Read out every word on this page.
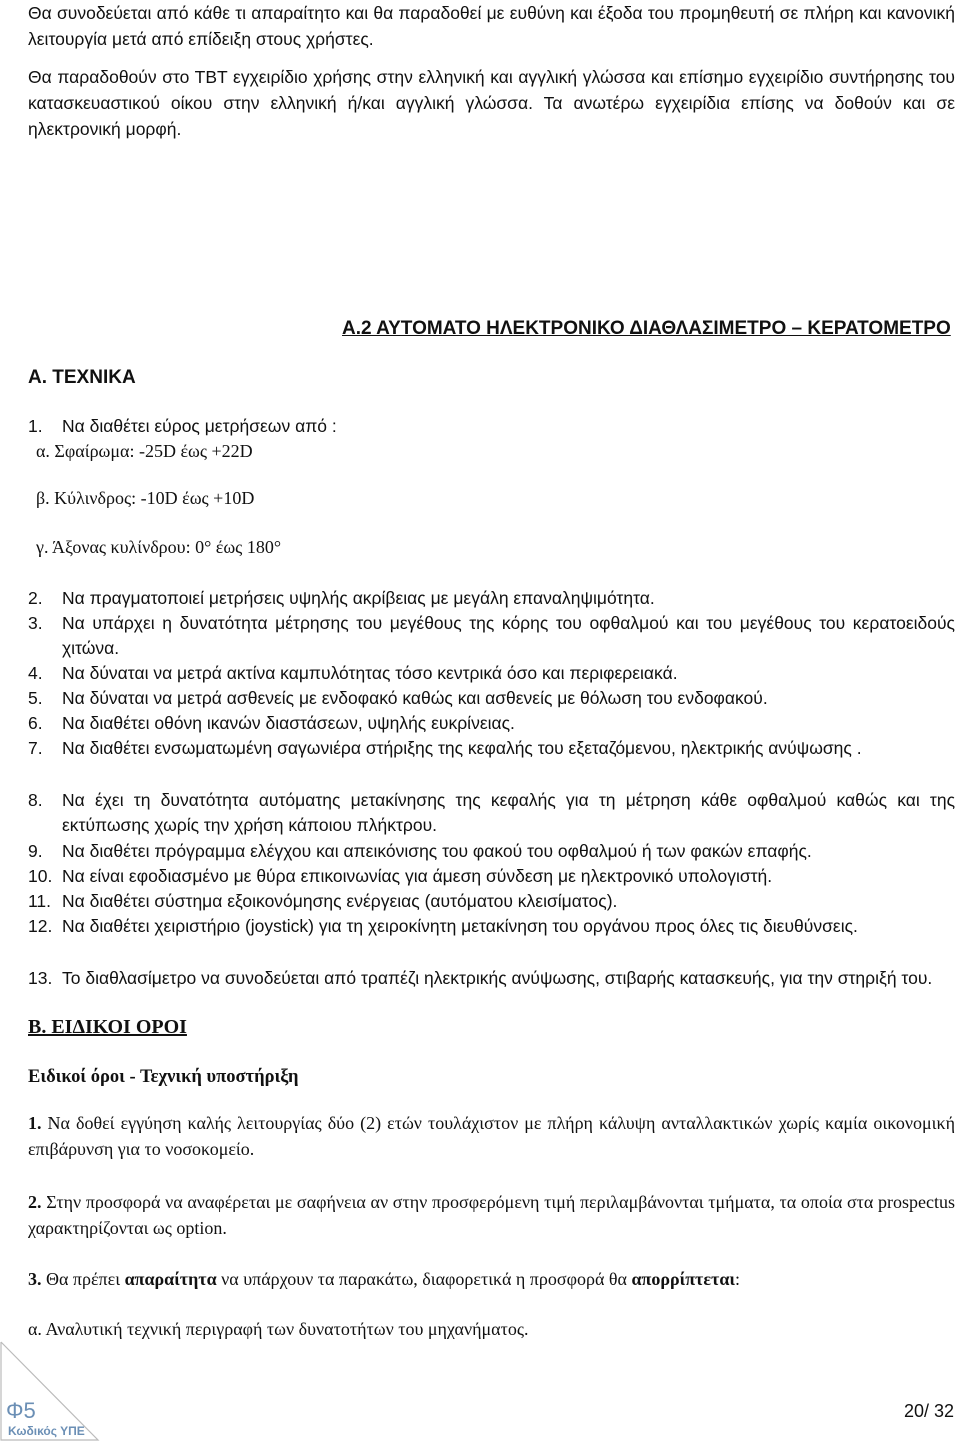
Θα συνοδεύεται από κάθε τι απαραίτητο και θα παραδοθεί με ευθύνη και έξοδα του προμηθευτή σε πλήρη και κανονική λειτουργία μετά από επίδειξη στους χρήστες.
Θα παραδοθούν στο ΤΒΤ εγχειρίδιο χρήσης στην ελληνική και αγγλική γλώσσα και επίσημο εγχειρίδιο συντήρησης του κατασκευαστικού οίκου στην ελληνική ή/και αγγλική γλώσσα. Τα ανωτέρω εγχειρίδια επίσης να δοθούν και σε ηλεκτρονική μορφή.
Α.2 ΑΥΤΟΜΑΤΟ ΗΛΕΚΤΡΟΝΙΚΟ ΔΙΑΘΛΑΣΙΜΕΤΡΟ – ΚΕΡΑΤΟΜΕΤΡΟ
Α. ΤΕΧΝΙΚΑ
1. Να διαθέτει εύρος μετρήσεων από :
α. Σφαίρωμα: -25D έως +22D
β. Κύλινδρος: -10D έως +10D
γ. Άξονας κυλίνδρου: 0° έως 180°
2.	Να πραγματοποιεί μετρήσεις υψηλής ακρίβειας με μεγάλη επαναληψιμότητα.
3.	Να υπάρχει η δυνατότητα μέτρησης του μεγέθους της κόρης του οφθαλμού και του μεγέθους του κερατοειδούς χιτώνα.
4.	Να δύναται να μετρά ακτίνα καμπυλότητας τόσο κεντρικά όσο και περιφερειακά.
5.	Να δύναται να μετρά ασθενείς με ενδοφακό καθώς και ασθενείς με θόλωση του ενδοφακού.
6.	Να διαθέτει οθόνη ικανών διαστάσεων, υψηλής ευκρίνειας.
7.	Να διαθέτει ενσωματωμένη σαγωνιέρα στήριξης της κεφαλής του εξεταζόμενου, ηλεκτρικής ανύψωσης .
8.	Να έχει τη δυνατότητα αυτόματης μετακίνησης της κεφαλής για τη μέτρηση κάθε οφθαλμού καθώς και της εκτύπωσης χωρίς την χρήση κάποιου πλήκτρου.
9.	Να διαθέτει πρόγραμμα ελέγχου και απεικόνισης του φακού του οφθαλμού ή των φακών επαφής.
10. Να είναι εφοδιασμένο με θύρα επικοινωνίας για άμεση σύνδεση με ηλεκτρονικό υπολογιστή.
11. Να διαθέτει σύστημα εξοικονόμησης ενέργειας (αυτόματου κλεισίματος).
12. Να διαθέτει χειριστήριο (joystick) για τη χειροκίνητη μετακίνηση του οργάνου προς όλες τις διευθύνσεις.
13. Το διαθλασίμετρο να συνοδεύεται από τραπέζι ηλεκτρικής ανύψωσης, στιβαρής κατασκευής, για την στηριξή του.
Β. ΕΙΔΙΚΟΙ ΟΡΟΙ
Ειδικοί όροι - Τεχνική υποστήριξη
1. Να δοθεί εγγύηση καλής λειτουργίας δύο (2) ετών τουλάχιστον με πλήρη κάλυψη ανταλλακτικών χωρίς καμία οικονομική επιβάρυνση για το νοσοκομείο.
2. Στην προσφορά να αναφέρεται με σαφήνεια αν στην προσφερόμενη τιμή περιλαμβάνονται τμήματα, τα οποία στα prospectus χαρακτηρίζονται ως option.
3. Θα πρέπει απαραίτητα να υπάρχουν τα παρακάτω, διαφορετικά η προσφορά θα απορρίπτεται:
α. Αναλυτική τεχνική περιγραφή των δυνατοτήτων του μηχανήματος.
Φ5
Κωδικός ΥΠΕ
20/ 32
